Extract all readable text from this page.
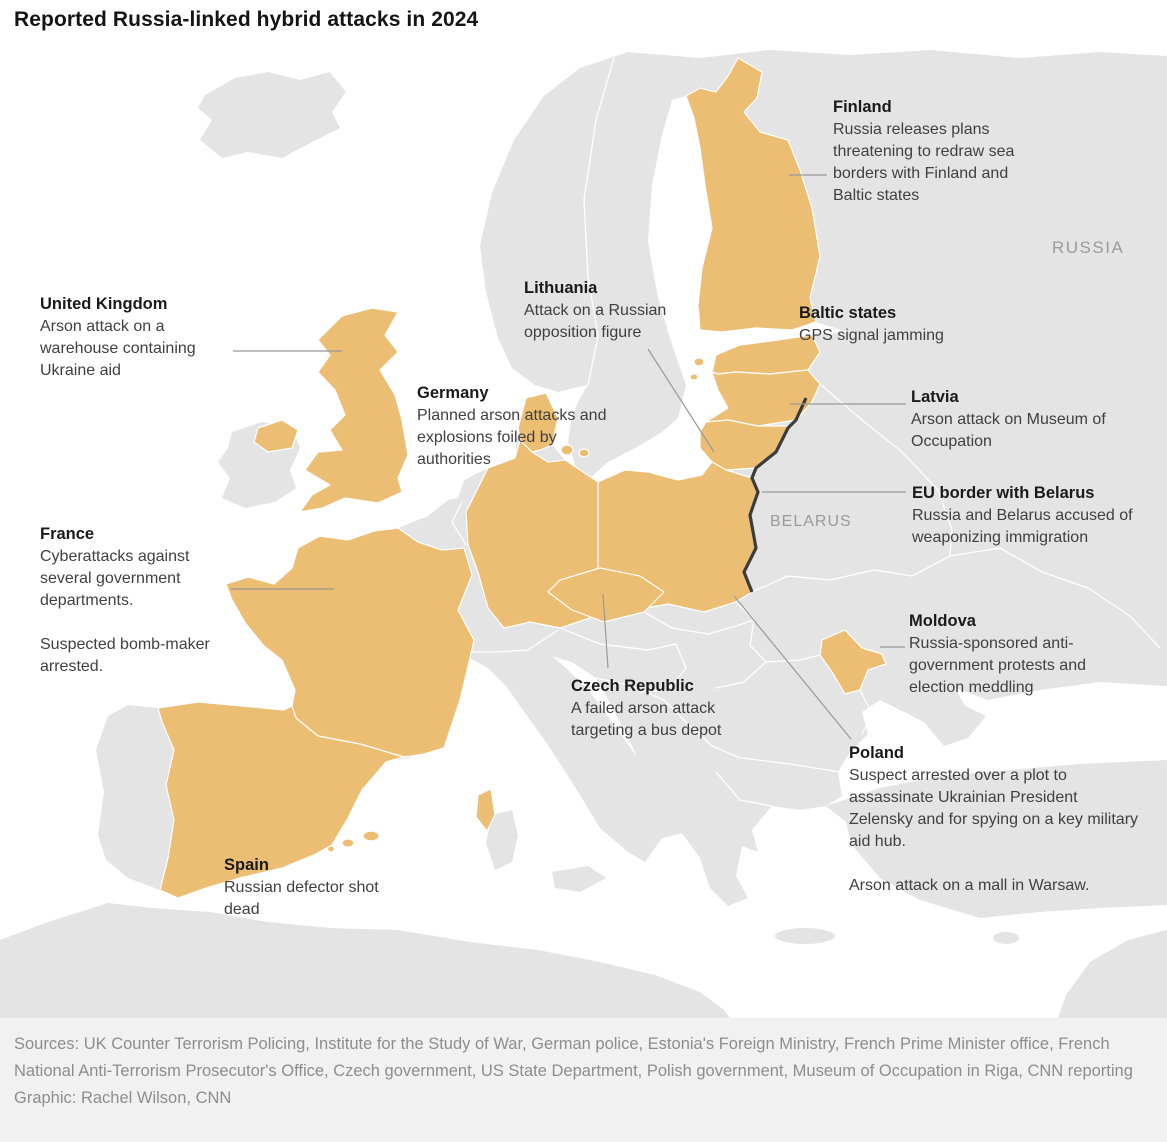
Reported Russia-linked hybrid attacks in 2024
RUSSIA
BELARUS
Finland

Russia releases plans threatening to redraw sea borders with Finland and Baltic states

United Kingdom

Arson attack on a warehouse containing Ukraine aid

Lithuania

Attack on a Russian opposition figure

Baltic states

GPS signal jamming

Germany

Planned arson attacks and explosions foiled by authorities

Latvia

Arson attack on Museum of Occupation

EU border with Belarus

Russia and Belarus accused of weaponizing immigration

France

Cyberattacks against several government departments.

Suspected bomb-maker arrested.

Moldova

Russia-sponsored anti-government protests and election meddling

Czech Republic

A failed arson attack targeting a bus depot

Poland

Suspect arrested over a plot to assassinate Ukrainian President Zelensky and for spying on a key military aid hub.

Arson attack on a mall in Warsaw.

Spain

Russian defector shot dead

Sources: UK Counter Terrorism Policing, Institute for the Study of War, German police, Estonia's Foreign Ministry, French Prime Minister office, French National Anti-Terrorism Prosecutor's Office, Czech government, US State Department, Polish government, Museum of Occupation in Riga, CNN reporting
Graphic: Rachel Wilson, CNN
